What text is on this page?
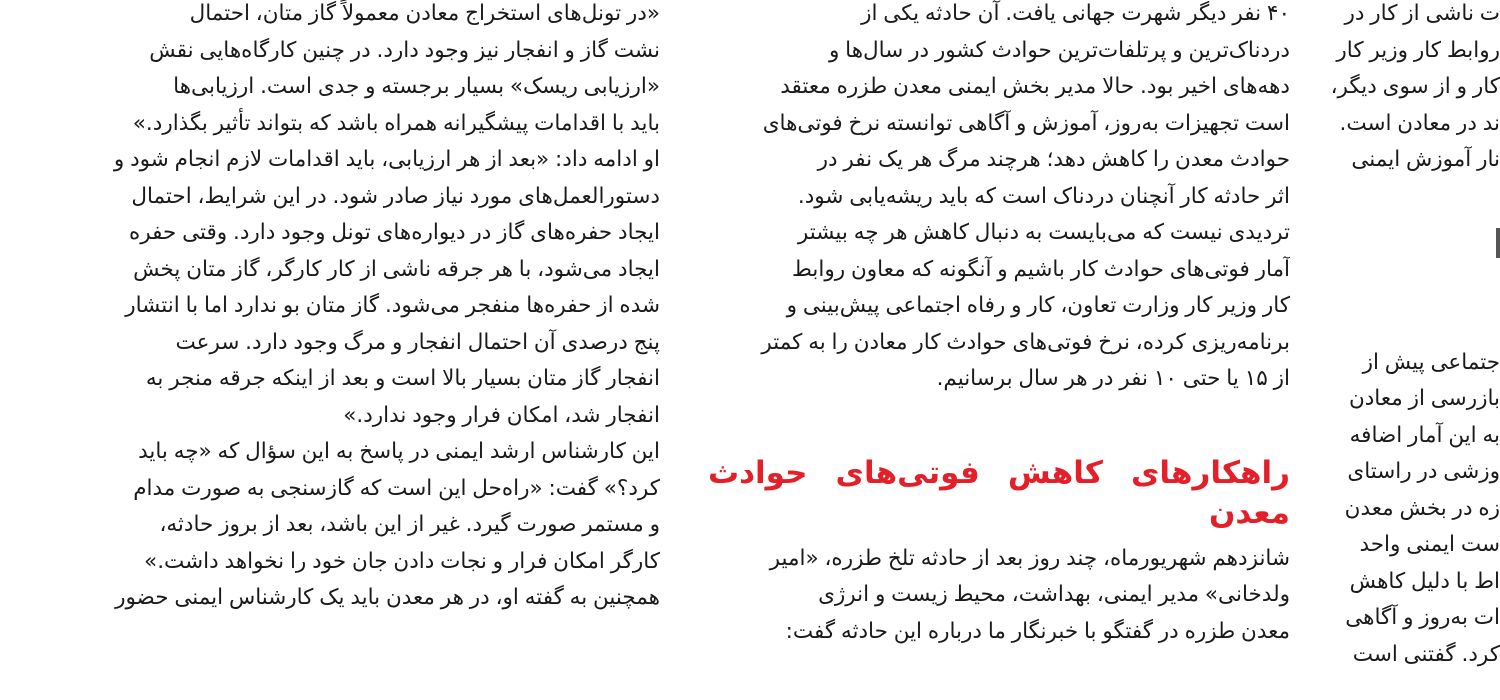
«در تونل‌های استخراج معادن معمولاً گاز متان، احتمال

نشت گاز و انفجار نیز وجود دارد. در چنین کارگاه‌هایی نقش

«ارزیابی ریسک» بسیار برجسته و جدی است. ارزیابی‌ها

باید با اقدامات پیشگیرانه همراه باشد که بتواند تأثیر بگذارد.»

او ادامه داد: «بعد از هر ارزیابی، باید اقدامات لازم انجام شود و

دستورالعمل‌های مورد نیاز صادر شود. در این شرایط، احتمال

ایجاد حفره‌های گاز در دیواره‌های تونل وجود دارد. وقتی حفره

ایجاد می‌شود، با هر جرقه ناشی از کار کارگر، گاز متان پخش

شده از حفره‌ها منفجر می‌شود. گاز متان بو ندارد اما با انتشار

پنج درصدی آن احتمال انفجار و مرگ وجود دارد. سرعت

انفجار گاز متان بسیار بالا است و بعد از اینکه جرقه منجر به

انفجار شد، امکان فرار وجود ندارد.»

این کارشناس ارشد ایمنی در پاسخ به این سؤال که «چه باید

کرد؟» گفت: «راه‌حل این است که گازسنجی به صورت مدام

و مستمر صورت گیرد. غیر از این باشد، بعد از بروز حادثه،

کارگر امکان فرار و نجات دادن جان خود را نخواهد داشت.»

همچنین به گفته او، در هر معدن باید یک کارشناس ایمنی حضور

۴۰ نفر دیگر شهرت جهانی یافت. آن حادثه یکی از

دردناک‌ترین و پرتلفات‌ترین حوادث کشور در سال‌ها و

دهه‌های اخیر بود. حالا مدیر بخش ایمنی معدن طزره معتقد

است تجهیزات به‌روز، آموزش و آگاهی توانسته نرخ فوتی‌های

حوادث معدن را کاهش دهد؛ هرچند مرگ هر یک نفر در

اثر حادثه کار آنچنان دردناک است که باید ریشه‌یابی شود.

تردیدی نیست که می‌بایست به دنبال کاهش هر چه بیشتر

آمار فوتی‌های حوادث کار باشیم و آنگونه که معاون روابط

کار وزیر کار وزارت تعاون، کار و رفاه اجتماعی پیش‌بینی و

برنامه‌ریزی کرده، نرخ فوتی‌های حوادث کار معادن را به کمتر

از ۱۵ یا حتی ۱۰ نفر در هر سال برسانیم.

راهکارهای کاهش فوتی‌های حوادث معدن

شانزدهم شهریورماه، چند روز بعد از حادثه تلخ طزره، «امیر

ولدخانی» مدیر ایمنی، بهداشت، محیط زیست و انرژی

معدن طزره در گفتگو با خبرنگار ما درباره این حادثه گفت:

ت ناشی از کار در

روابط کار وزیر کار

کار و از سوی دیگر،

ند در معادن است.

نار آموزش ایمنی

جتماعی پیش از

بازرسی از معادن

به این آمار اضافه

وزشی در راستای

زه در بخش معدن

ست ایمنی واحد

اط با دلیل کاهش

ات به‌روز و آگاهی

کرد. گفتنی است
